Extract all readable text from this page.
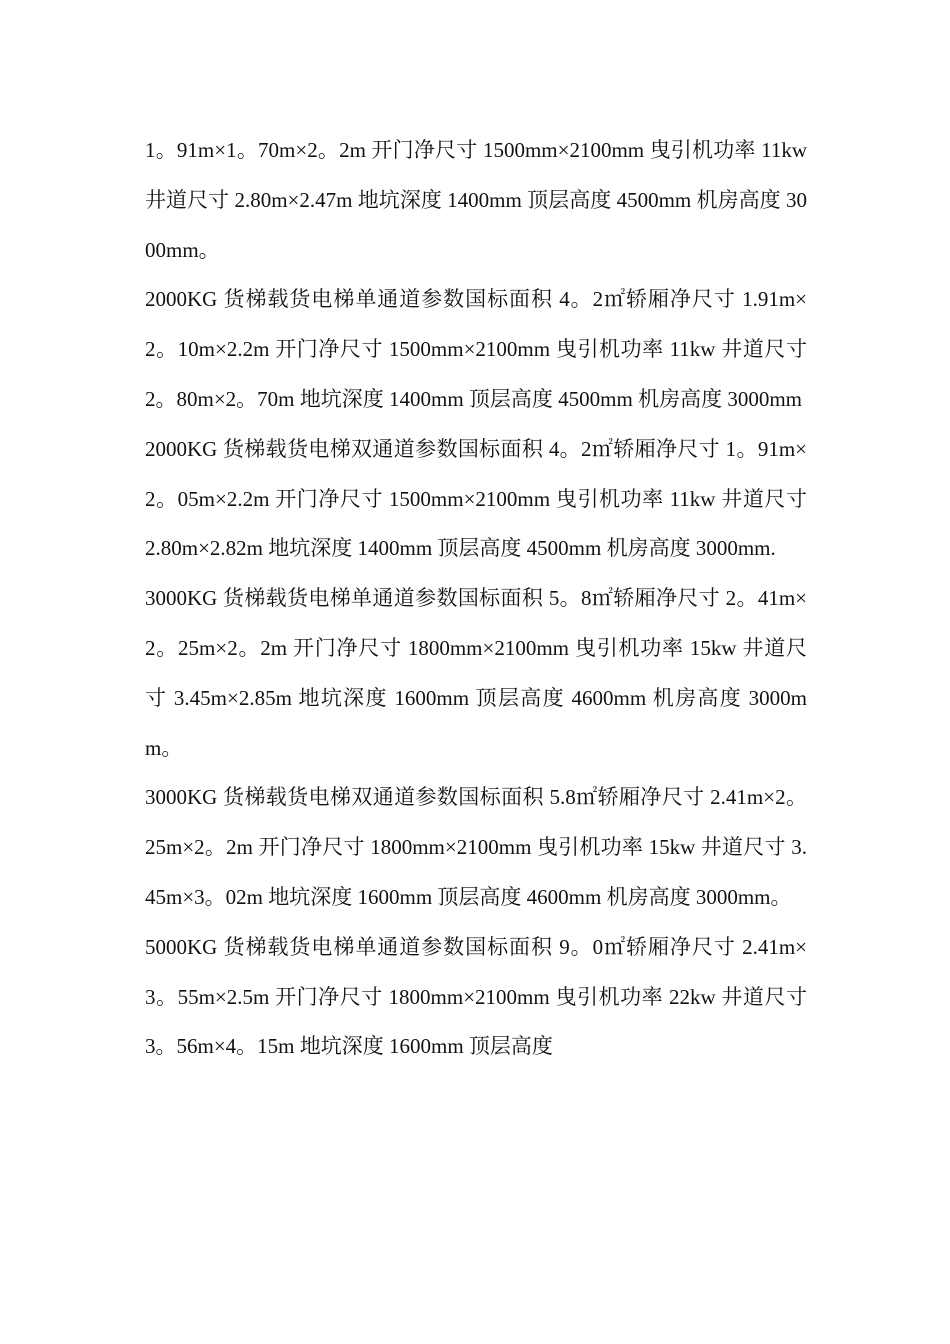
1。91m×1。70m×2。2m 开门净尺寸 1500mm×2100mm 曳引机功率 11kw 井道尺寸 2.80m×2.47m 地坑深度 1400mm 顶层高度 4500mm 机房高度 3000mm。

2000KG 货梯载货电梯单通道参数国标面积 4。2㎡轿厢净尺寸 1.91m×2。10m×2.2m 开门净尺寸 1500mm×2100mm 曳引机功率 11kw 井道尺寸 2。80m×2。70m 地坑深度 1400mm 顶层高度 4500mm 机房高度 3000mm

2000KG 货梯载货电梯双通道参数国标面积 4。2㎡轿厢净尺寸 1。91m×2。05m×2.2m 开门净尺寸 1500mm×2100mm 曳引机功率 11kw 井道尺寸 2.80m×2.82m 地坑深度 1400mm 顶层高度 4500mm 机房高度 3000mm.

3000KG 货梯载货电梯单通道参数国标面积 5。8㎡轿厢净尺寸 2。41m×2。25m×2。2m 开门净尺寸 1800mm×2100mm 曳引机功率 15kw 井道尺寸 3.45m×2.85m 地坑深度 1600mm 顶层高度 4600mm 机房高度 3000mm。

3000KG 货梯载货电梯双通道参数国标面积 5.8㎡轿厢净尺寸 2.41m×2。25m×2。2m 开门净尺寸 1800mm×2100mm 曳引机功率 15kw 井道尺寸 3.45m×3。02m 地坑深度 1600mm 顶层高度 4600mm 机房高度 3000mm。

5000KG 货梯载货电梯单通道参数国标面积 9。0㎡轿厢净尺寸 2.41m×3。55m×2.5m 开门净尺寸 1800mm×2100mm 曳引机功率 22kw 井道尺寸 3。56m×4。15m 地坑深度 1600mm 顶层高度
